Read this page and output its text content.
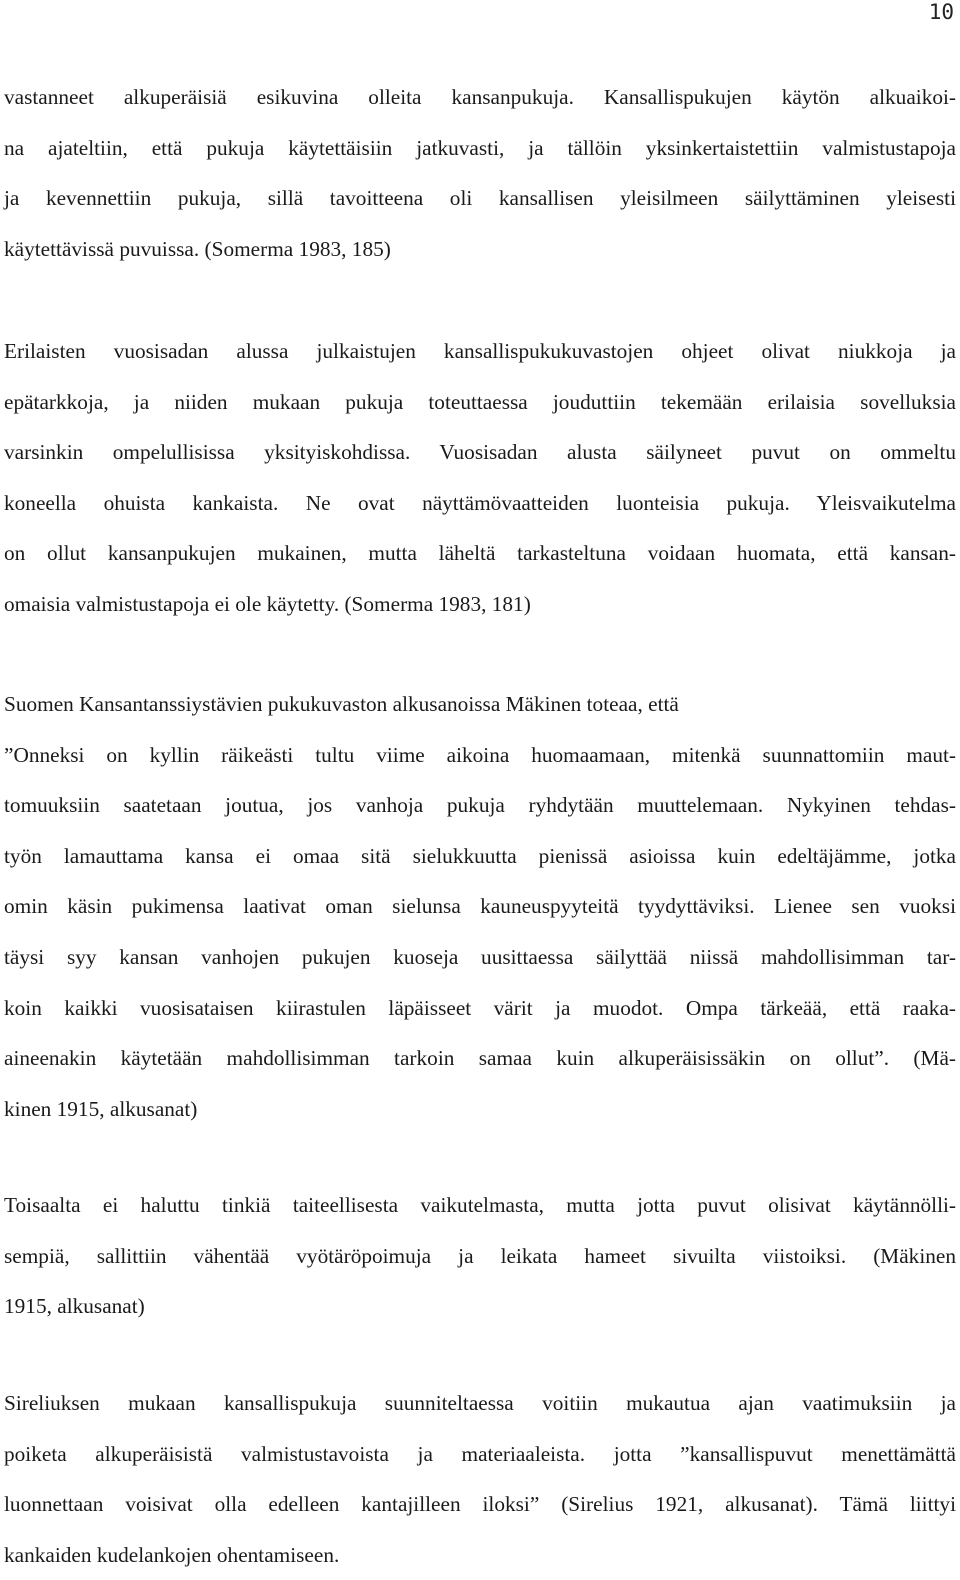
10
vastanneet alkuperäisiä esikuvina olleita kansanpukuja. Kansallispukujen käytön alkuaikoi-
na ajateltiin, että pukuja käytettäisiin jatkuvasti, ja tällöin yksinkertaistettiin valmistustapoja
ja kevennettiin pukuja, sillä tavoitteena oli kansallisen yleisilmeen säilyttäminen yleisesti
käytettävissä puvuissa. (Somerma 1983, 185)
Erilaisten vuosisadan alussa julkaistujen kansallispukukuvastojen ohjeet olivat niukkoja ja
epätarkkoja, ja niiden mukaan pukuja toteuttaessa jouduttiin tekemään erilaisia sovelluksia
varsinkin ompelullisissa yksityiskohdissa. Vuosisadan alusta säilyneet puvut on ommeltu
koneella ohuista kankaista. Ne ovat näyttämövaatteiden luonteisia pukuja. Yleisvaikutelma
on ollut kansanpukujen mukainen, mutta läheltä tarkasteltuna voidaan huomata, että kansan-
omaisia valmistustapoja ei ole käytetty. (Somerma 1983, 181)
Suomen Kansantanssiystävien pukukuvaston alkusanoissa Mäkinen toteaa, että
”Onneksi on kyllin räikeästi tultu viime aikoina huomaamaan, mitenkä suunnattomiin maut-
tomuuksiin saatetaan joutua, jos vanhoja pukuja ryhdytään muuttelemaan. Nykyinen tehdas-
työn lamauttama kansa ei omaa sitä sielukkuutta pienissä asioissa kuin edeltäjämme, jotka
omin käsin pukimensa laativat oman sielunsa kauneuspyyteitä tyydyttäviksi. Lienee sen vuoksi
täysi syy kansan vanhojen pukujen kuoseja uusittaessa säilyttää niissä mahdollisimman tar-
koin kaikki vuosisataisen kiirastulen läpäisseet värit ja muodot. Ompa tärkeää, että raaka-
aineenakin käytetään mahdollisimman tarkoin samaa kuin alkuperäisissäkin on ollut”. (Mä-
kinen 1915, alkusanat)
Toisaalta ei haluttu tinkiä taiteellisesta vaikutelmasta, mutta jotta puvut olisivat käytännölli-
sempiä, sallittiin vähentää vyötäröpoimuja ja leikata hameet sivuilta viistoiksi. (Mäkinen
1915, alkusanat)
Sireliuksen mukaan kansallispukuja suunniteltaessa voitiin mukautua ajan vaatimuksiin ja
poiketa alkuperäisistä valmistustavoista ja materiaaleista. jotta ”kansallispuvut menettämättä
luonnettaan voisivat olla edelleen kantajilleen iloksi” (Sirelius 1921, alkusanat). Tämä liittyi
kankaiden kudelankojen ohentamiseen.
